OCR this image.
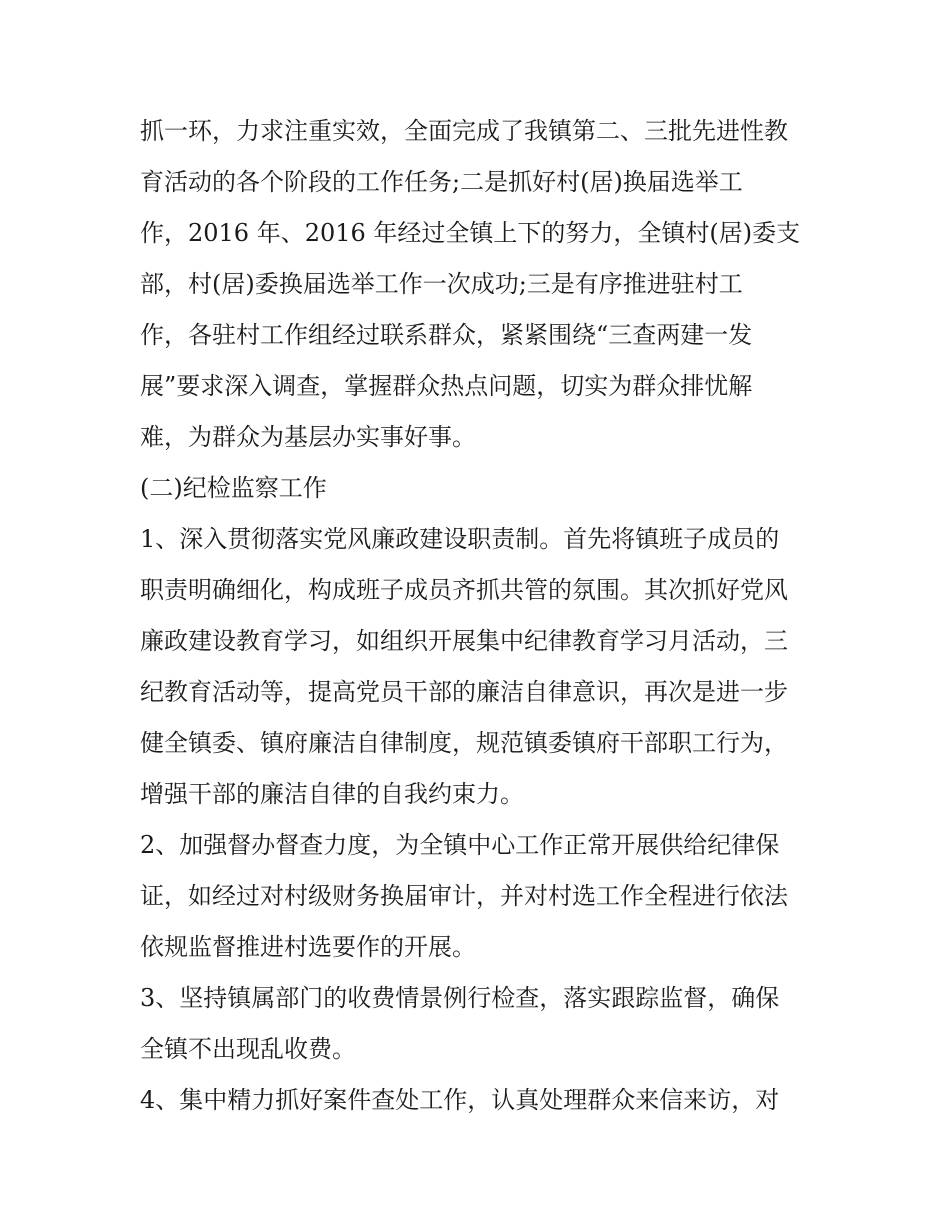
抓一环，力求注重实效，全面完成了我镇第二、三批先进性教
育活动的各个阶段的工作任务;二是抓好村(居)换届选举工
作，2016 年、2016 年经过全镇上下的努力，全镇村(居)委支
部，村(居)委换届选举工作一次成功;三是有序推进驻村工
作，各驻村工作组经过联系群众，紧紧围绕“三查两建一发
展”要求深入调查，掌握群众热点问题，切实为群众排忧解
难，为群众为基层办实事好事。
(二)纪检监察工作
1、深入贯彻落实党风廉政建设职责制。首先将镇班子成员的
职责明确细化，构成班子成员齐抓共管的氛围。其次抓好党风
廉政建设教育学习，如组织开展集中纪律教育学习月活动，三
纪教育活动等，提高党员干部的廉洁自律意识，再次是进一步
健全镇委、镇府廉洁自律制度，规范镇委镇府干部职工行为，
增强干部的廉洁自律的自我约束力。
2、加强督办督查力度，为全镇中心工作正常开展供给纪律保
证，如经过对村级财务换届审计，并对村选工作全程进行依法
依规监督推进村选要作的开展。
3、坚持镇属部门的收费情景例行检查，落实跟踪监督，确保
全镇不出现乱收费。
4、集中精力抓好案件查处工作，认真处理群众来信来访，对
